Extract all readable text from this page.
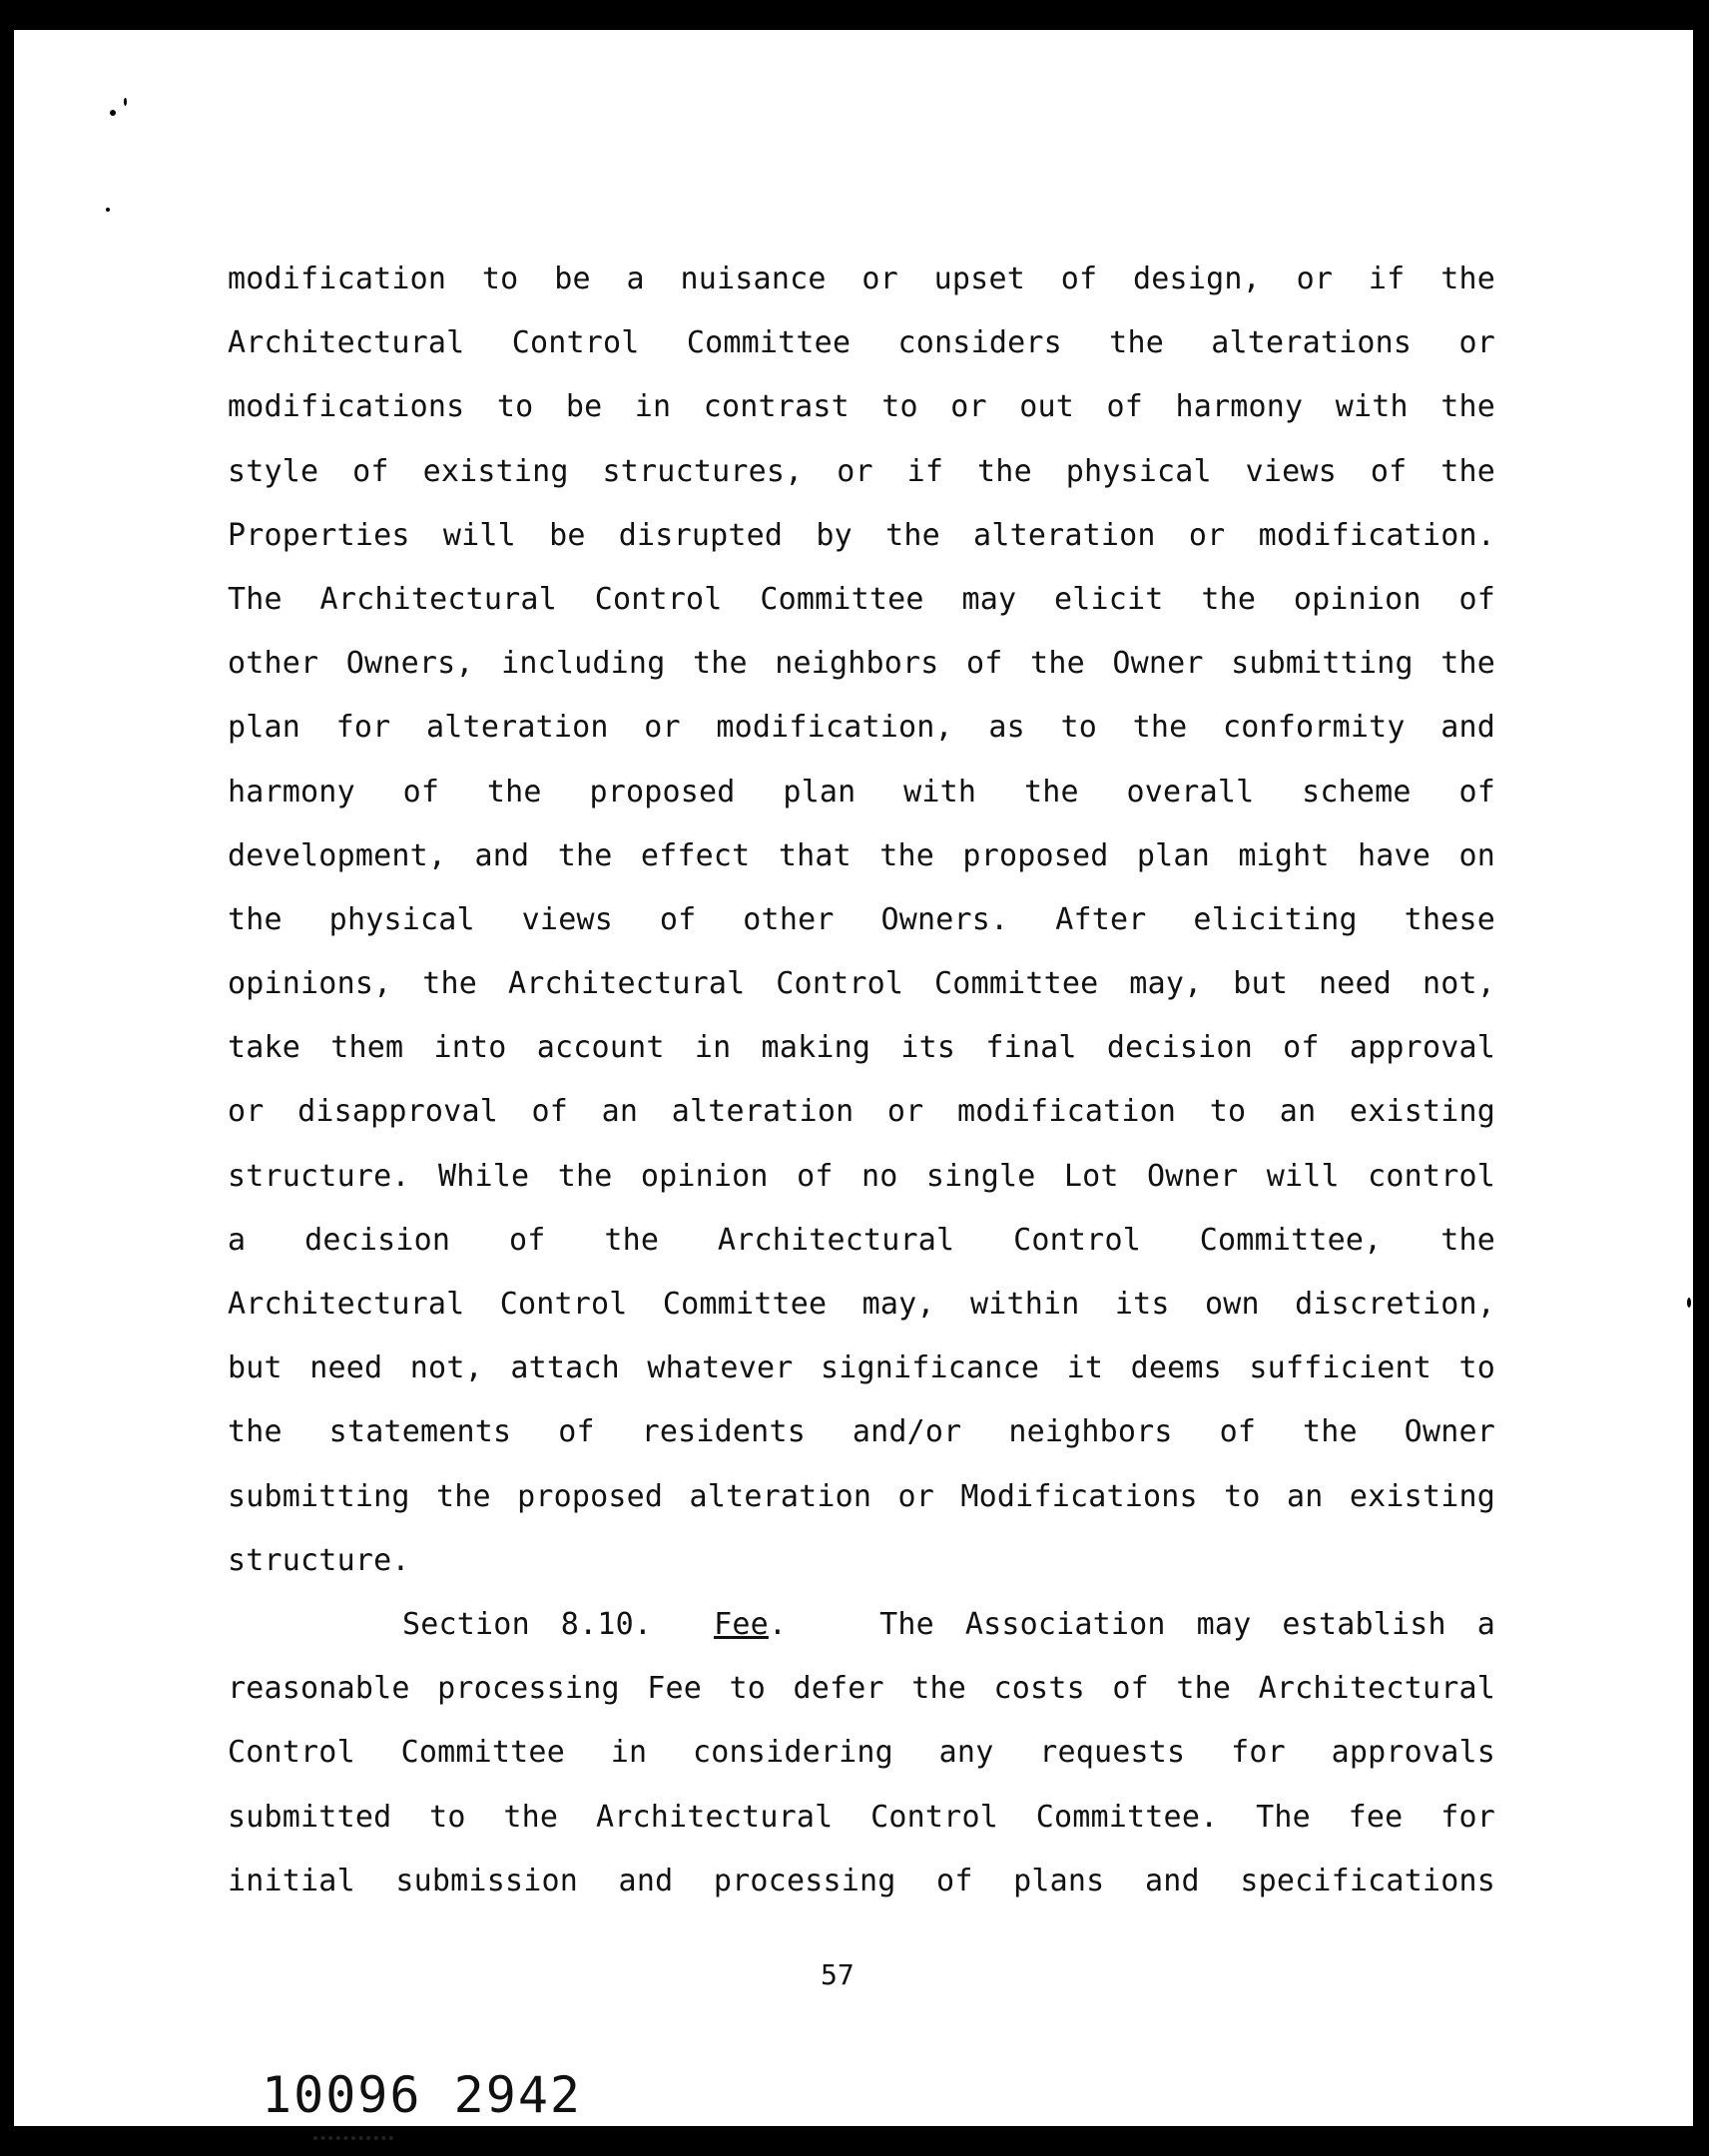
modification to be a nuisance or upset of design, or if the
Architectural Control Committee considers the alterations or
modifications to be in contrast to or out of harmony with the
style of existing structures, or if the physical views of the
Properties will be disrupted by the alteration or modification.
The Architectural Control Committee may elicit the opinion of
other Owners, including the neighbors of the Owner submitting the
plan for alteration or modification, as to the conformity and
harmony of the proposed plan with the overall scheme of
development, and the effect that the proposed plan might have on
the physical views of other Owners. After eliciting these
opinions, the Architectural Control Committee may, but need not,
take them into account in making its final decision of approval
or disapproval of an alteration or modification to an existing
structure. While the opinion of no single Lot Owner will control
a decision of the Architectural Control Committee, the
Architectural Control Committee may, within its own discretion,
but need not, attach whatever significance it deems sufficient to
the statements of residents and/or neighbors of the Owner
submitting the proposed alteration or Modifications to an existing
structure.
Section 8.10. Fee.   The Association may establish a
reasonable processing Fee to defer the costs of the Architectural
Control Committee in considering any requests for approvals
submitted to the Architectural Control Committee. The fee for
initial submission and processing of plans and specifications
57
10096 2942
